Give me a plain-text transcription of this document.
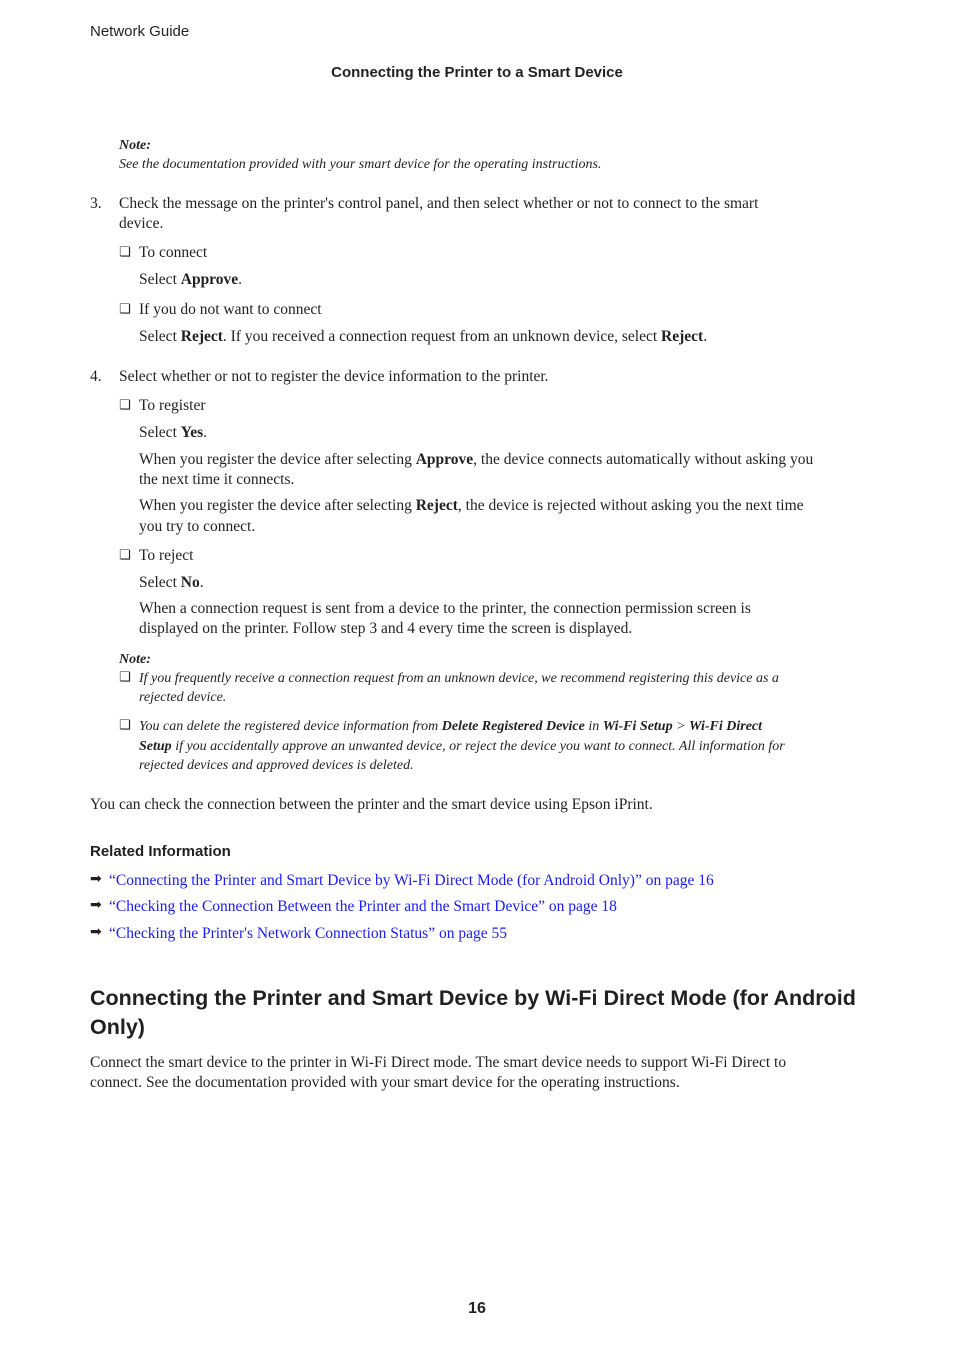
Network Guide
Connecting the Printer to a Smart Device
Note:
See the documentation provided with your smart device for the operating instructions.
3. Check the message on the printer's control panel, and then select whether or not to connect to the smart
device.
❏ To connect
Select Approve.
❏ If you do not want to connect
Select Reject. If you received a connection request from an unknown device, select Reject.
4. Select whether or not to register the device information to the printer.
❏ To register
Select Yes.
When you register the device after selecting Approve, the device connects automatically without asking you
the next time it connects.
When you register the device after selecting Reject, the device is rejected without asking you the next time
you try to connect.
❏ To reject
Select No.
When a connection request is sent from a device to the printer, the connection permission screen is
displayed on the printer. Follow step 3 and 4 every time the screen is displayed.
Note:
❏ If you frequently receive a connection request from an unknown device, we recommend registering this device as a
rejected device.
❏ You can delete the registered device information from Delete Registered Device in Wi-Fi Setup > Wi-Fi Direct
Setup if you accidentally approve an unwanted device, or reject the device you want to connect. All information for
rejected devices and approved devices is deleted.
You can check the connection between the printer and the smart device using Epson iPrint.
Related Information
➡ “Connecting the Printer and Smart Device by Wi-Fi Direct Mode (for Android Only)” on page 16
➡ “Checking the Connection Between the Printer and the Smart Device” on page 18
➡ “Checking the Printer's Network Connection Status” on page 55
Connecting the Printer and Smart Device by Wi-Fi Direct Mode (for Android
Only)
Connect the smart device to the printer in Wi-Fi Direct mode. The smart device needs to support Wi-Fi Direct to
connect. See the documentation provided with your smart device for the operating instructions.
16
